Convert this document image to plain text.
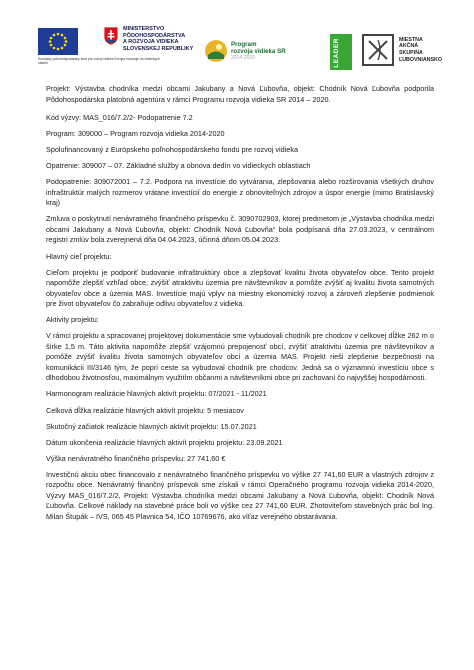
Európsky poľnohospodársky fond pre rozvoj vidieka Európa investuje do vidieckych oblastí
MINISTERSTVO
PÔDOHOSPODÁRSTVA
A ROZVOJA VIDIEKA
SLOVENSKEJ REPUBLIKY
Program
rozvoja vidieka SR
2014-2020	LEADER	MIESTNA
AKČNÁ
SKUPINA
ĽUBOVNIANSKO

Projekt: Výstavba chodníka medzi obcami Jakubany a Nová Ľubovňa, objekt: Chodník Nová Ľubovňa podporila Pôdohospodárska platobná agentúra v rámci Programu rozvoja vidieka SR 2014 – 2020.

Kód výzvy: MAS_016/7.2/2- Podopatrenie 7.2

Program: 309000 – Program rozvoja vidieka 2014-2020

Spolufinancovaný z Európskeho poľnohospodárskeho fondu pre rozvoj vidieka

Opatrenie: 309007 – 07. Základné služby a obnova dedín vo vidieckych oblastiach

Podopatrenie: 309072001 – 7.2. Podpora na investície do vytvárania, zlepšovania alebo rozširovania všetkých druhov infraštruktúr malých rozmerov vrátane investícií do energie z obnoviteľných zdrojov a úspor energie (mimo Bratislavský kraj)

Zmluva o poskytnutí nenávratného finančného príspevku č. 3090702903, ktorej predmetom je „Výstavba chodníka medzi obcami Jakubany a Nová Ľubovňa, objekt: Chodník Nová Ľubovňa“ bola podpísaná dňa 27.03.2023, v centrálnom registri zmlúv bola zverejnená dňa 04.04.2023, účinná dňom 05.04.2023.

Hlavný cieľ projektu:

Cieľom projektu je podporiť budovanie infraštruktúry obce a zlepšovať kvalitu života obyvateľov obce. Tento projekt napomôže zlepšiť vzhľad obce, zvýšiť atraktivitu územia pre návštevníkov a pomôže zvýšiť aj kvalitu života samotných obyvateľov obce a územia MAS. Investície majú vplyv na miestny ekonomický rozvoj a zároveň zlepšenie podmienok pre život obyvateľov čo zabraňuje odlivu obyvateľov z vidieka.

Aktivity projektu:

V rámci projektu a spracovanej projektovej dokumentácie sme vybudovali chodník pre chodcov v celkovej dĺžke 262 m o šírke 1,5 m. Táto aktivita napomôže zlepšiť vzájomnú prepojenosť obcí, zvýšiť atraktivitu územia pre návštevníkov a pomôže zvýšiť kvalitu života samotných obyvateľov obcí a územia MAS. Projekt rieši zlepšenie bezpečnosti na komunikácii III/3146 tým, že popri ceste sa vybudoval chodník pre chodcov. Jedná sa o významnú investíciu obce s dlhodobou životnosťou, maximálnym využitím občanmi a návštevníkmi obce pri zachovaní čo najvyššej hospodárnosti.

Harmonogram realizácie hlavných aktivít projektu: 07/2021 - 11/2021

Celková dĺžka realizácie hlavných aktivít projektu: 5 mesiacov

Skutočný začiatok realizácie hlavných aktivít projektu: 15.07.2021

Dátum ukončenia realizácie hlavných aktivít projektu projektu: 23.09.2021

Výška nenávratného finančného príspevku: 27 741,60 €

Investičnú akciu obec financovalo z nenávratného finančného príspevku vo výške 27 741,60 EUR a vlastných zdrojov z rozpočtu obce. Nenávratný finančný príspevok sme získali v rámci Operačného programu rozvoja vidieka 2014-2020, Výzvy MAS_016/7.2/2, Projekt: Výstavba chodníka medzi obcami Jakubany a Nová Ľubovňa, objekt: Chodník Nová Ľubovňa. Celkové náklady na stavebné práce boli vo výške cez 27 741,60 EUR. Zhotoviteľom stavebných prác bol Ing. Milan Štupák – IVS, 065 45 Plavnica 54, IČO 10769676, ako víťaz verejného obstarávania.
